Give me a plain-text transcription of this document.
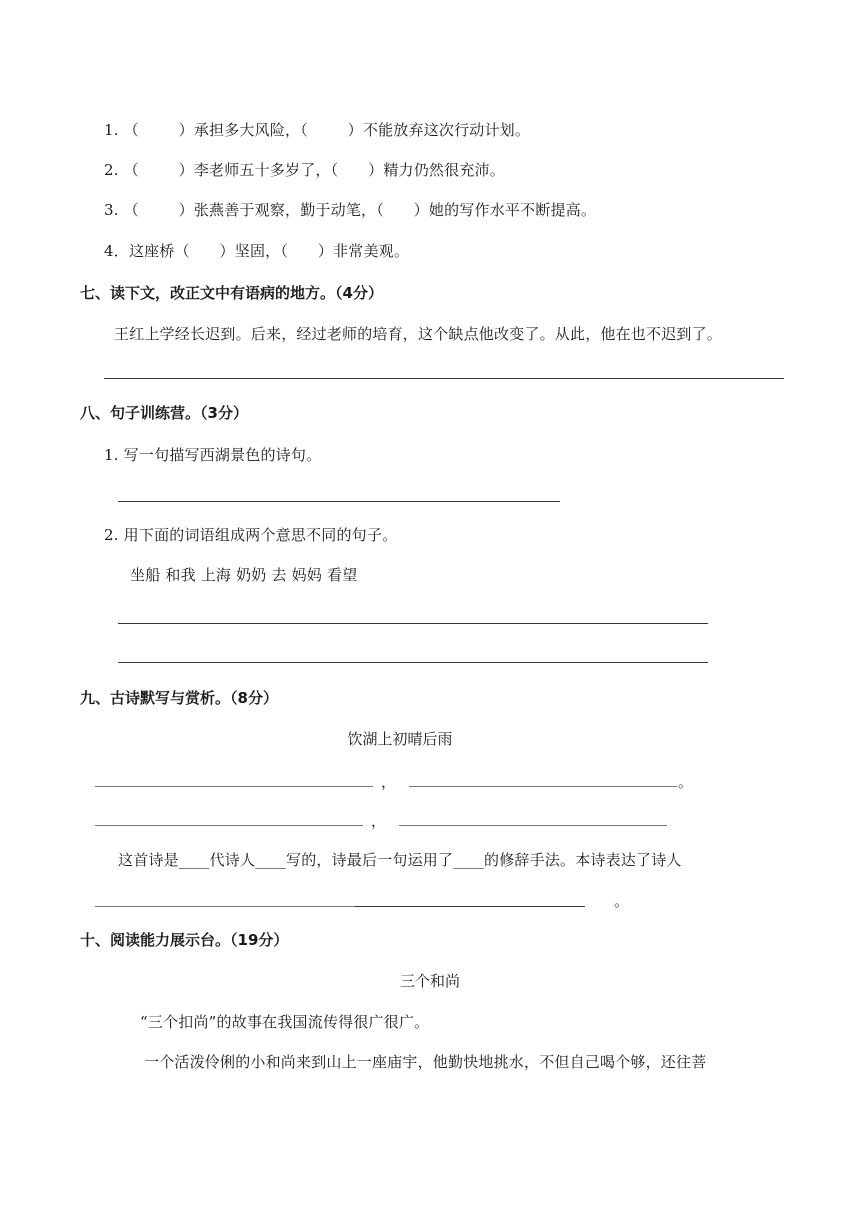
1. （        ）承担多大风险，（        ）不能放弃这次行动计划。
2. （        ）李老师五十多岁了，（      ）精力仍然很充沛。
3. （        ）张燕善于观察，勤于动笔，（      ）她的写作水平不断提高。
4．这座桥（      ）坚固，（      ）非常美观。
七、读下文，改正文中有语病的地方。（4分）
王红上学经长迟到。后来，经过老师的培育，这个缺点他改变了。从此，他在也不迟到了。
八、句子训练营。（3分）
1. 写一句描写西湖景色的诗句。
2. 用下面的词语组成两个意思不同的句子。
坐船 和我 上海 奶奶 去 妈妈 看望
九、古诗默写与赏析。（8分）
饮湖上初晴后雨
，	。
，
这首诗是____代诗人____写的，诗最后一句运用了____的修辞手法。本诗表达了诗人
。
十、阅读能力展示台。（19分）
三个和尚
“三个扣尚”的故事在我国流传得很广很广。
一个活泼伶俐的小和尚来到山上一座庙宇，他勤快地挑水，不但自己喝个够，还往菩
